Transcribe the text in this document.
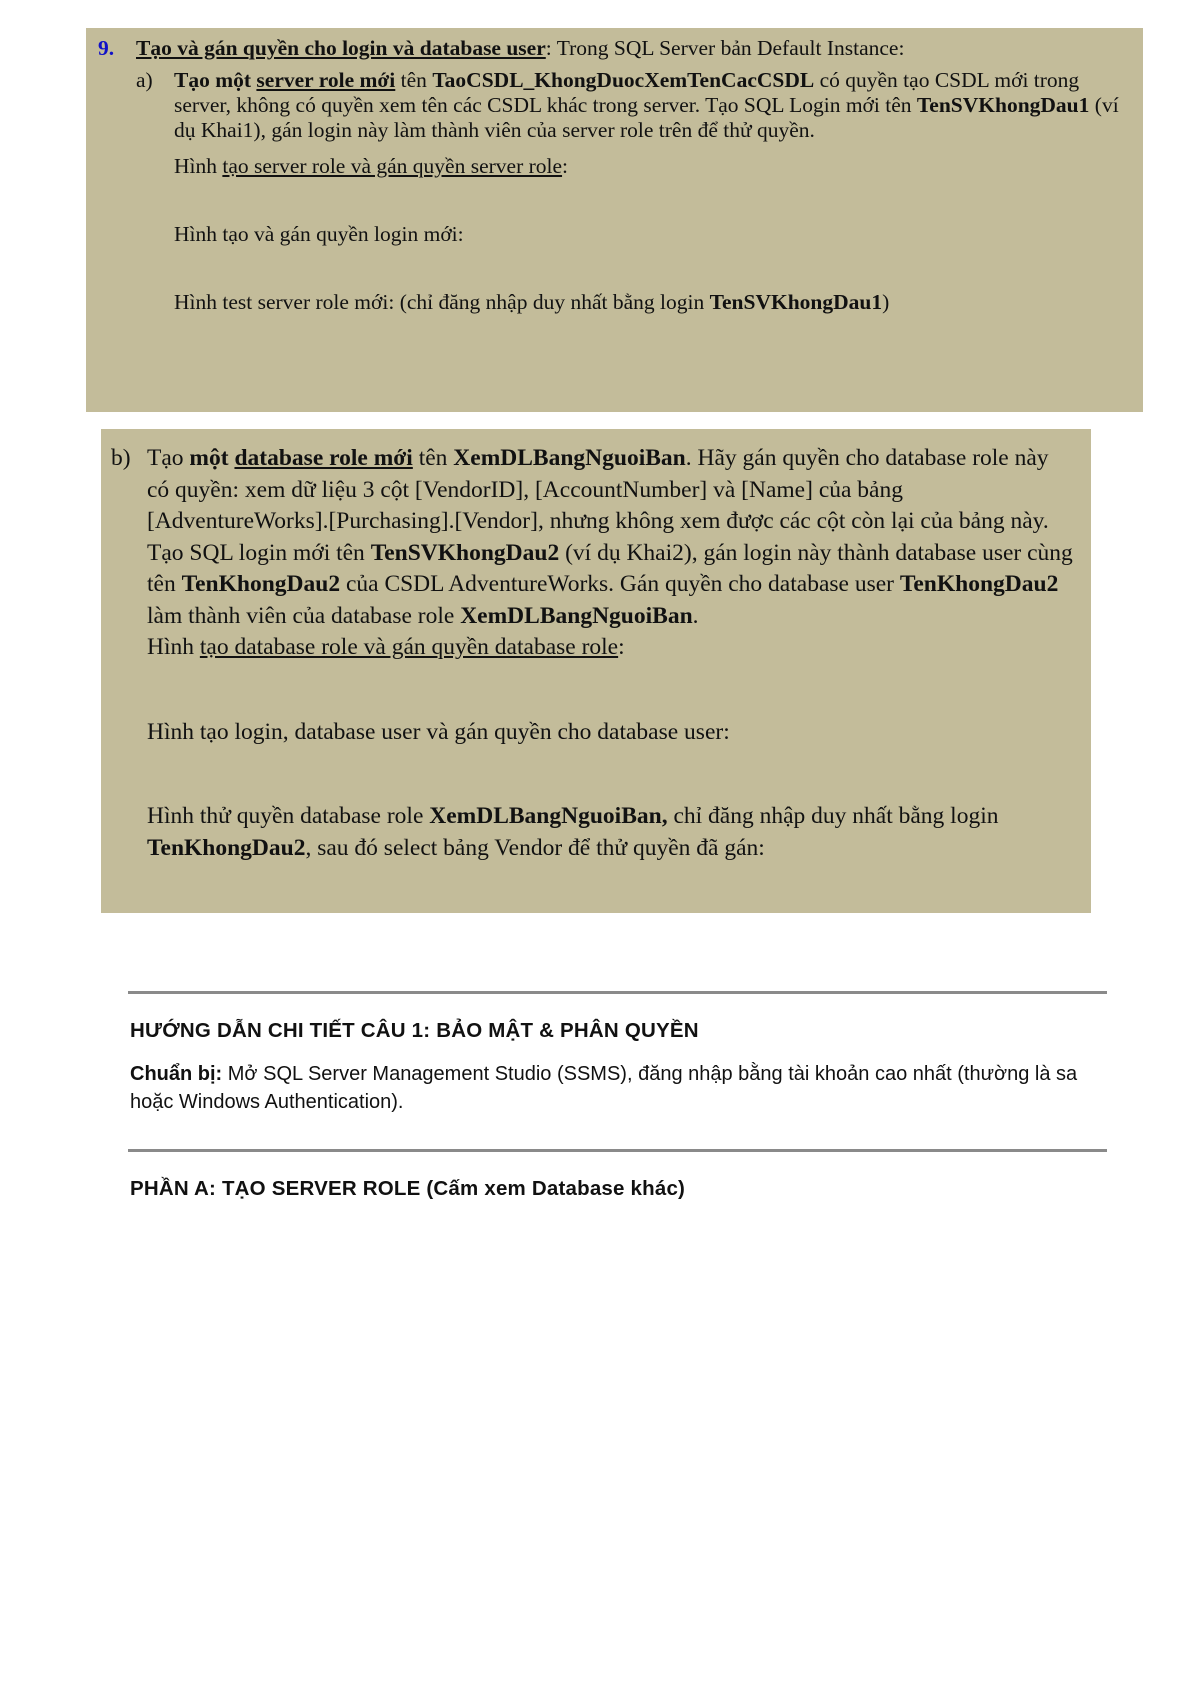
9. Tạo và gán quyền cho login và database user: Trong SQL Server bản Default Instance:
a) Tạo một server role mới tên TaoCSDL_KhongDuocXemTenCacCSDL có quyền tạo CSDL mới trong server, không có quyền xem tên các CSDL khác trong server. Tạo SQL Login mới tên TenSVKhongDau1 (ví dụ Khai1), gán login này làm thành viên của server role trên để thử quyền.
Hình tạo server role và gán quyền server role:
Hình tạo và gán quyền login mới:
Hình test server role mới: (chỉ đăng nhập duy nhất bằng login TenSVKhongDau1)
b) Tạo một database role mới tên XemDLBangNguoiBan. Hãy gán quyền cho database role này có quyền: xem dữ liệu 3 cột [VendorID], [AccountNumber] và [Name] của bảng [AdventureWorks].[Purchasing].[Vendor], nhưng không xem được các cột còn lại của bảng này. Tạo SQL login mới tên TenSVKhongDau2 (ví dụ Khai2), gán login này thành database user cùng tên TenKhongDau2 của CSDL AdventureWorks. Gán quyền cho database user TenKhongDau2 làm thành viên của database role XemDLBangNguoiBan.
Hình tạo database role và gán quyền database role:
Hình tạo login, database user và gán quyền cho database user:
Hình thử quyền database role XemDLBangNguoiBan, chỉ đăng nhập duy nhất bằng login TenKhongDau2, sau đó select bảng Vendor để thử quyền đã gán:
HƯỚNG DẪN CHI TIẾT CÂU 1: BẢO MẬT & PHÂN QUYỀN
Chuẩn bị: Mở SQL Server Management Studio (SSMS), đăng nhập bằng tài khoản cao nhất (thường là sa hoặc Windows Authentication).
PHẦN A: TẠO SERVER ROLE (Cấm xem Database khác)
